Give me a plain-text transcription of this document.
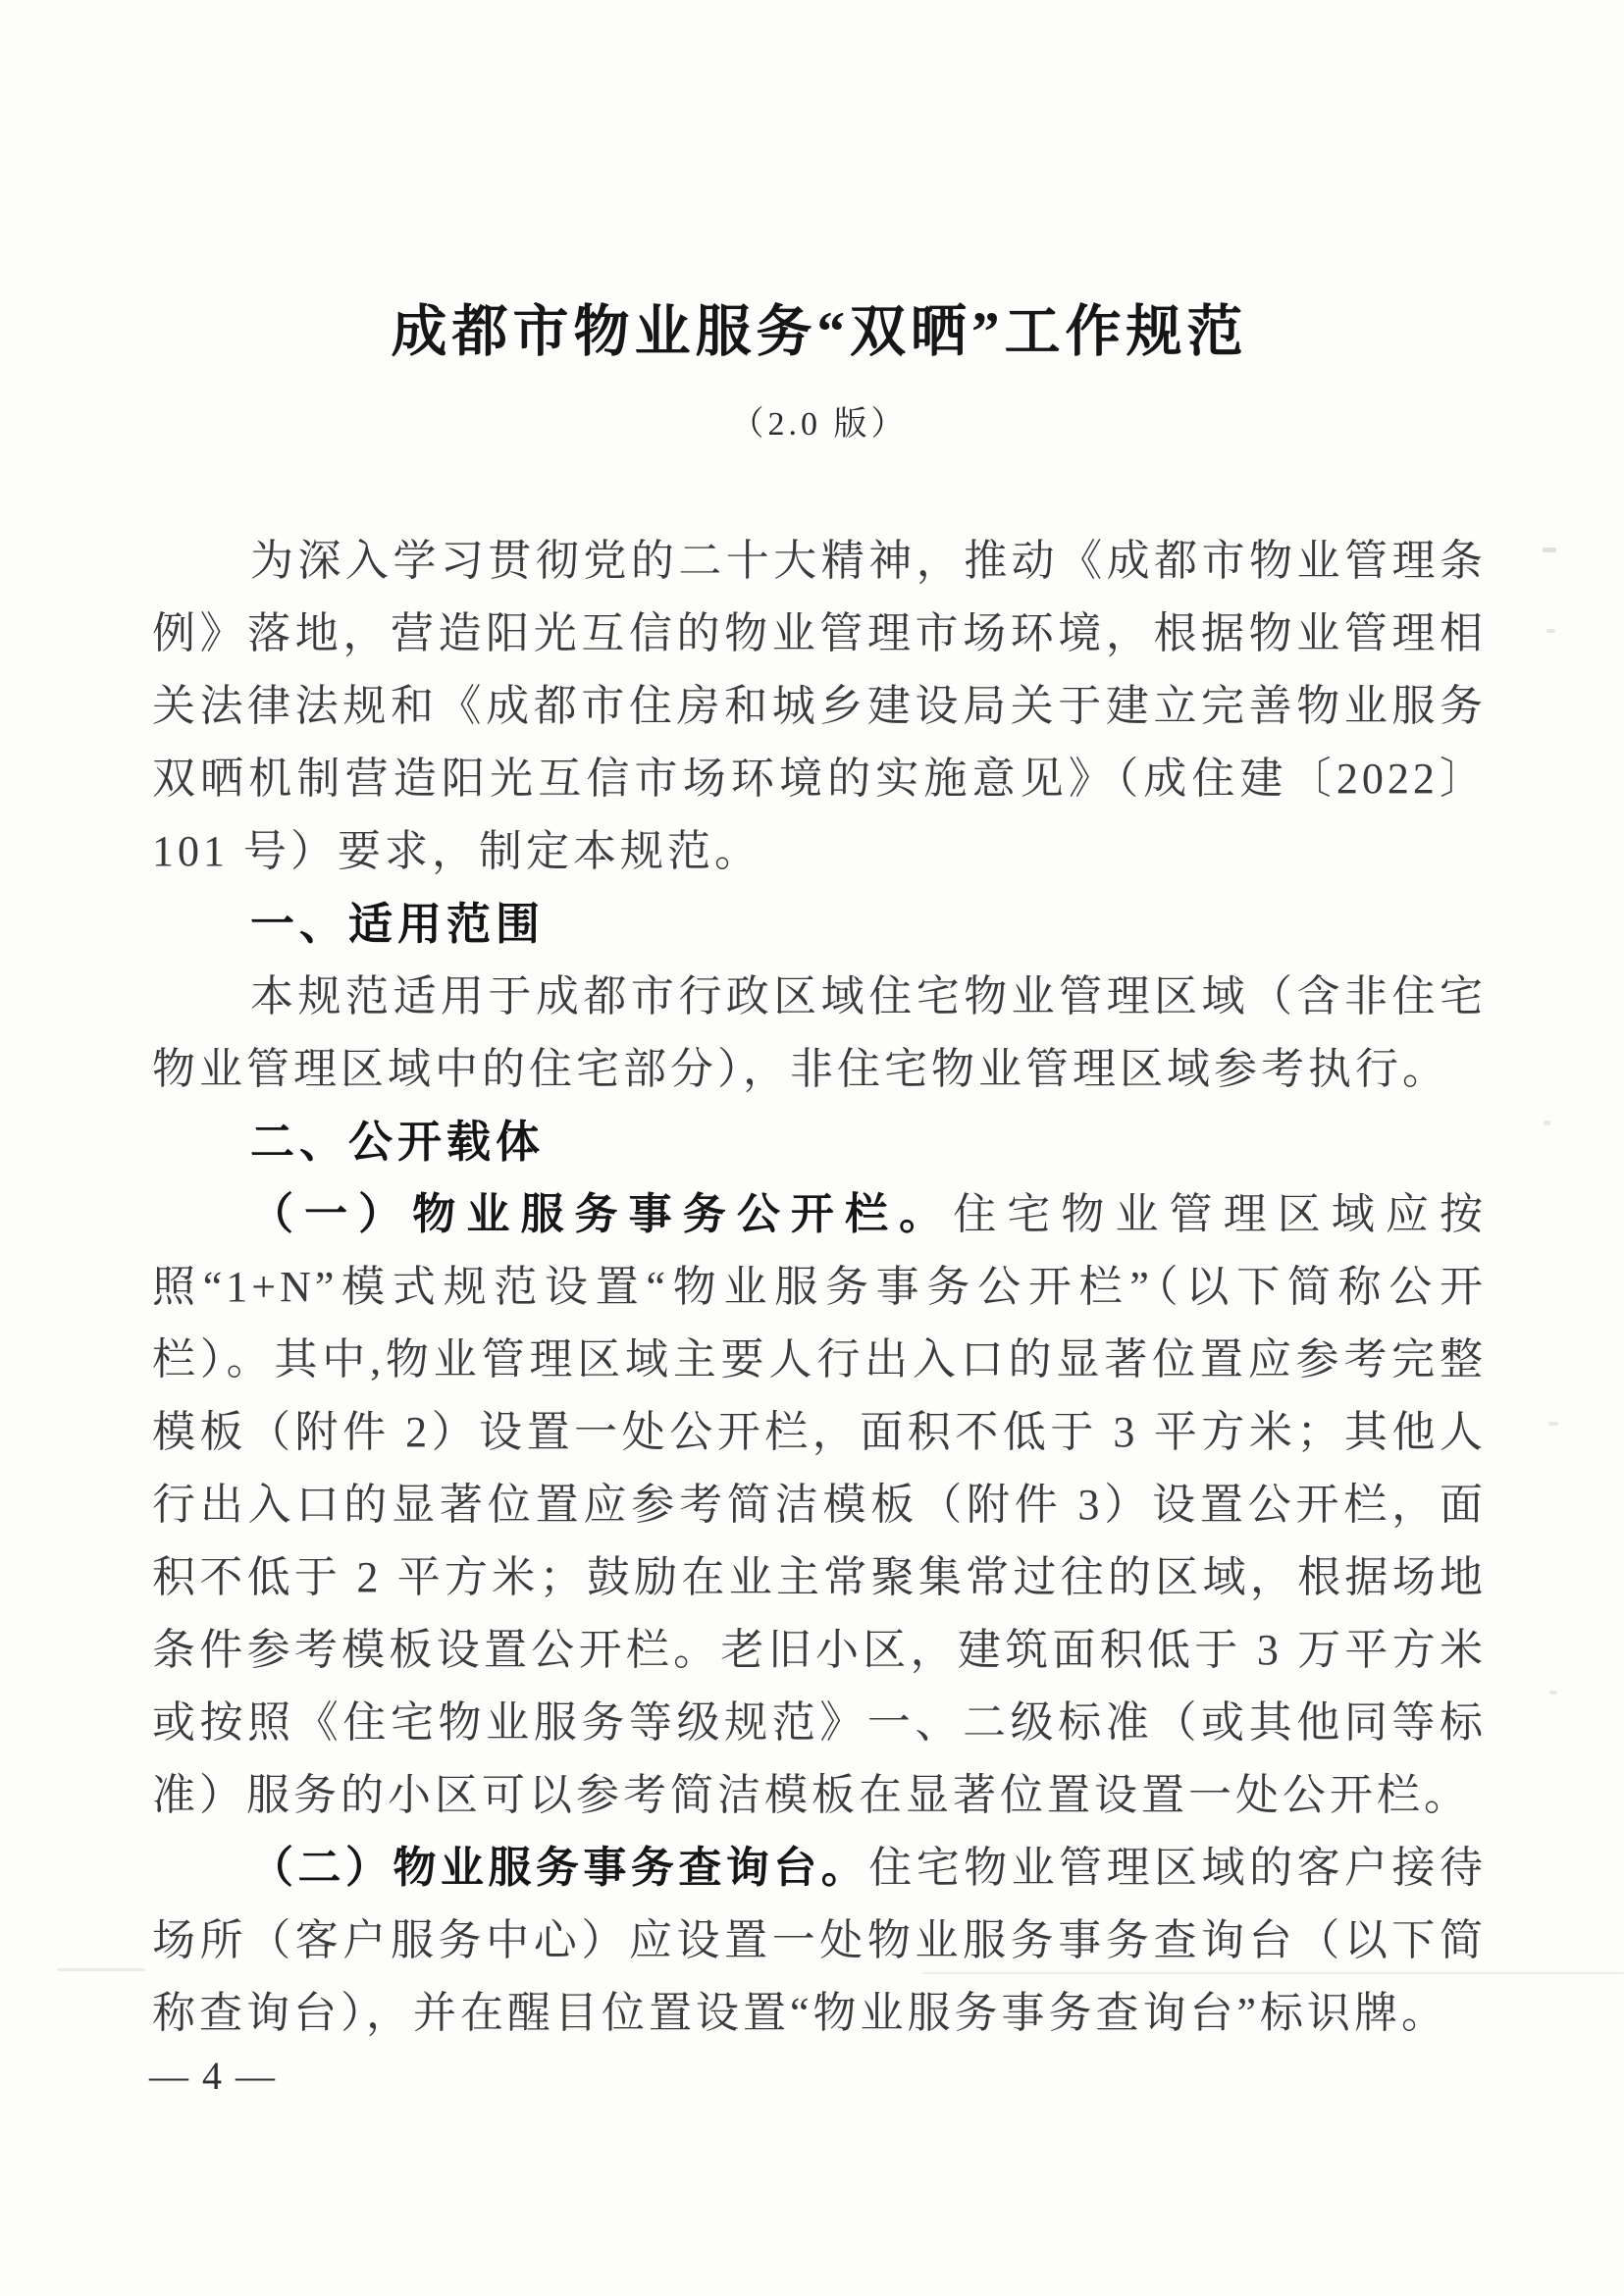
成都市物业服务“双晒”工作规范
（2.0 版）

为深入学习贯彻党的二十大精神，推动《成都市物业管理条例》落地，营造阳光互信的物业管理市场环境，根据物业管理相关法律法规和《成都市住房和城乡建设局关于建立完善物业服务双晒机制营造阳光互信市场环境的实施意见》（成住建〔2022〕101 号）要求，制定本规范。

一、适用范围

本规范适用于成都市行政区域住宅物业管理区域（含非住宅物业管理区域中的住宅部分），非住宅物业管理区域参考执行。

二、公开载体

（一）物业服务事务公开栏。住宅物业管理区域应按照“1+N”模式规范设置“物业服务事务公开栏”（以下简称公开栏）。其中,物业管理区域主要人行出入口的显著位置应参考完整模板（附件 2）设置一处公开栏，面积不低于 3 平方米；其他人行出入口的显著位置应参考简洁模板（附件 3）设置公开栏，面积不低于 2 平方米；鼓励在业主常聚集常过往的区域，根据场地条件参考模板设置公开栏。老旧小区，建筑面积低于 3 万平方米或按照《住宅物业服务等级规范》一、二级标准（或其他同等标准）服务的小区可以参考简洁模板在显著位置设置一处公开栏。

（二）物业服务事务查询台。住宅物业管理区域的客户接待场所（客户服务中心）应设置一处物业服务事务查询台（以下简称查询台），并在醒目位置设置“物业服务事务查询台”标识牌。

— 4 —
